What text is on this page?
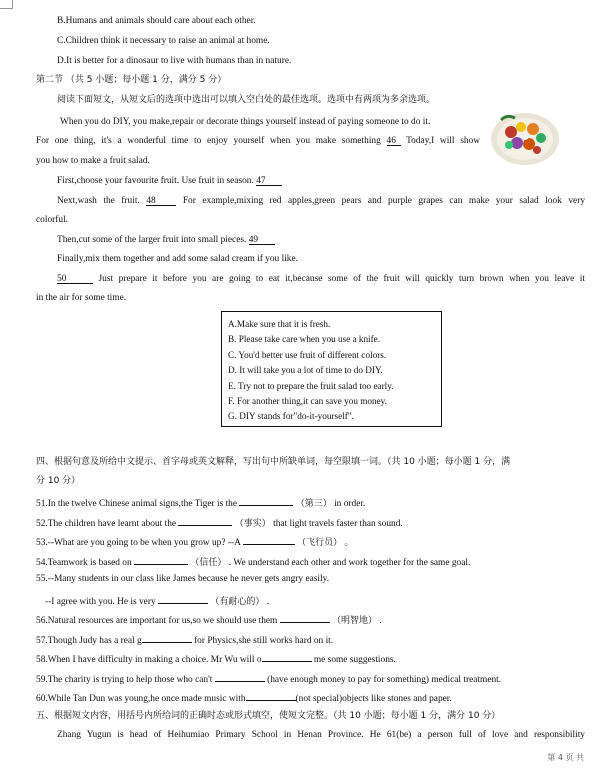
B.Humans and animals should care about each other.
C.Children think it necessary to raise an animal at home.
D.It is better for a dinosaur to live with humans than in nature.
第二节 （共 5 小题；每小题 1 分，满分 5 分）
阅读下面短文，从短文后的选项中选出可以填入空白处的最佳选项。选项中有两项为多余选项。
When you do DIY, you make,repair or decorate things yourself instead of paying someone to do it.
For one thing, it's a wonderful time to enjoy yourself when you make something 46 Today,I will show
you how to make a fruit salad.
First,choose your favourite fruit. Use fruit in season. 47
Next,wash the fruit. 48	For example,mixing red apples,green pears and purple grapes can make your salad look very
colorful.
Then,cut some of the larger fruit into small pieces. 49
Finally,mix them together and add some salad cream if you like.
50	Just prepare it before you are going to eat it,because some of the fruit will quickly turn brown when you leave it
in the air for some time.
A.Make sure that it is fresh.
B. Please take care when you use a knife.
C. You'd better use fruit of different colors.
D. It will take you a lot of time to do DIY.
E. Try not to prepare the fruit salad too early.
F. For another thing,it can save you money.
G. DIY stands for"do-it-yourself".
四、根据句意及所给中文提示、首字母或英文解释，写出句中所缺单词，每空限填一词。（共 10 小题；每小题 1 分，满
分 10 分）
51.In the twelve Chinese animal signs,the Tiger is the	（第三） in order.
52.The children have learnt about the	（事实） that light travels faster than sound.
53.--What are you going to be when you grow up? --A	（飞行员） 。
54.Teamwork is based on	（信任） . We understand each other and work together for the same goal.
55.--Many students in our class like James because he never gets angry easily.
--I agree with you. He is very	（有耐心的） .
56.Natural resources are important for us,so we should use them	（明智地） .
57.Though Judy has a real g	for Physics,she still works hard on it.
58.When I have difficulty in making a choice. Mr Wu will o	me some suggestions.
59.The charity is trying to help those who can't	(have enough money to pay for something) medical treatment.
60.While Tan Dun was young,he once made music with	(not special)objects like stones and paper.
五、根据短文内容，用括号内所给词的正确时态或形式填空，使短文完整。（共 10 小题；每小题 1 分，满分 10 分）
Zhang Yugun is head of Heihumiao Primary School in Henan Province. He 61(be) a person full of love and responsibility
第 4 页 共
